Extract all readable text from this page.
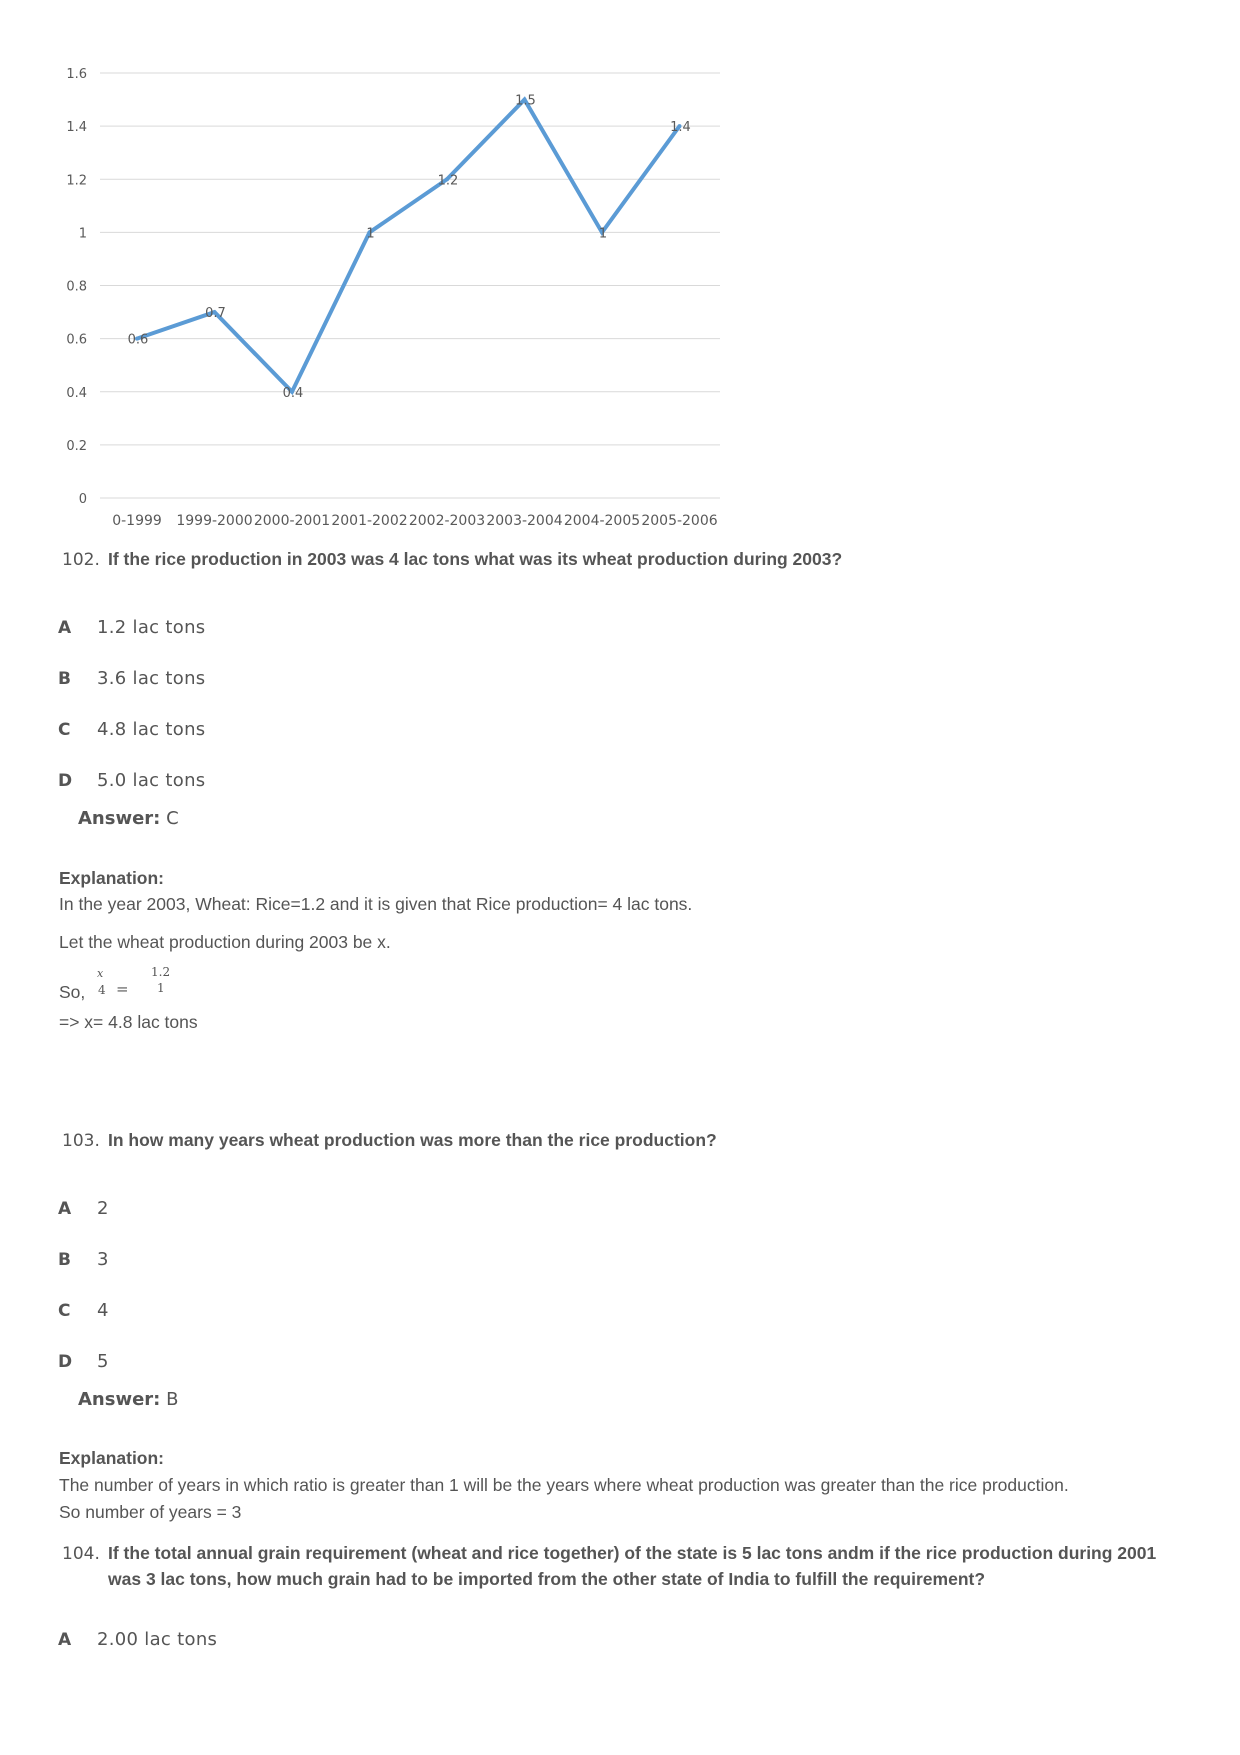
1.6
1.4
1.2
1
0.8
0.6
0.4
0.2
0
0-1999 1999-2000 2000-2001 2001-2002 2002-2003 2003-2004 2004-2005 2005-2006
0.6
0.7
0.4
1
1.2
1.5
1
1.4
102. If the rice production in 2003 was 4 lac tons what was its wheat production during 2003?
A 1.2 lac tons
B 3.6 lac tons
C 4.8 lac tons
D 5.0 lac tons
Answer: C
Explanation:
In the year 2003, Wheat: Rice=1.2 and it is given that Rice production= 4 lac tons.
Let the wheat production during 2003 be x.
So,
x
4 =
1.2
1
=> x= 4.8 lac tons
103. In how many years wheat production was more than the rice production?
A 2
B 3
C 4
D 5
Answer: B
Explanation:
The number of years in which ratio is greater than 1 will be the years where wheat production was greater than the rice production.
So number of years = 3
104. If the total annual grain requirement (wheat and rice together) of the state is 5 lac tons andm if the rice production during 2001
was 3 lac tons, how much grain had to be imported from the other state of India to fulfill the requirement?
A 2.00 lac tons
